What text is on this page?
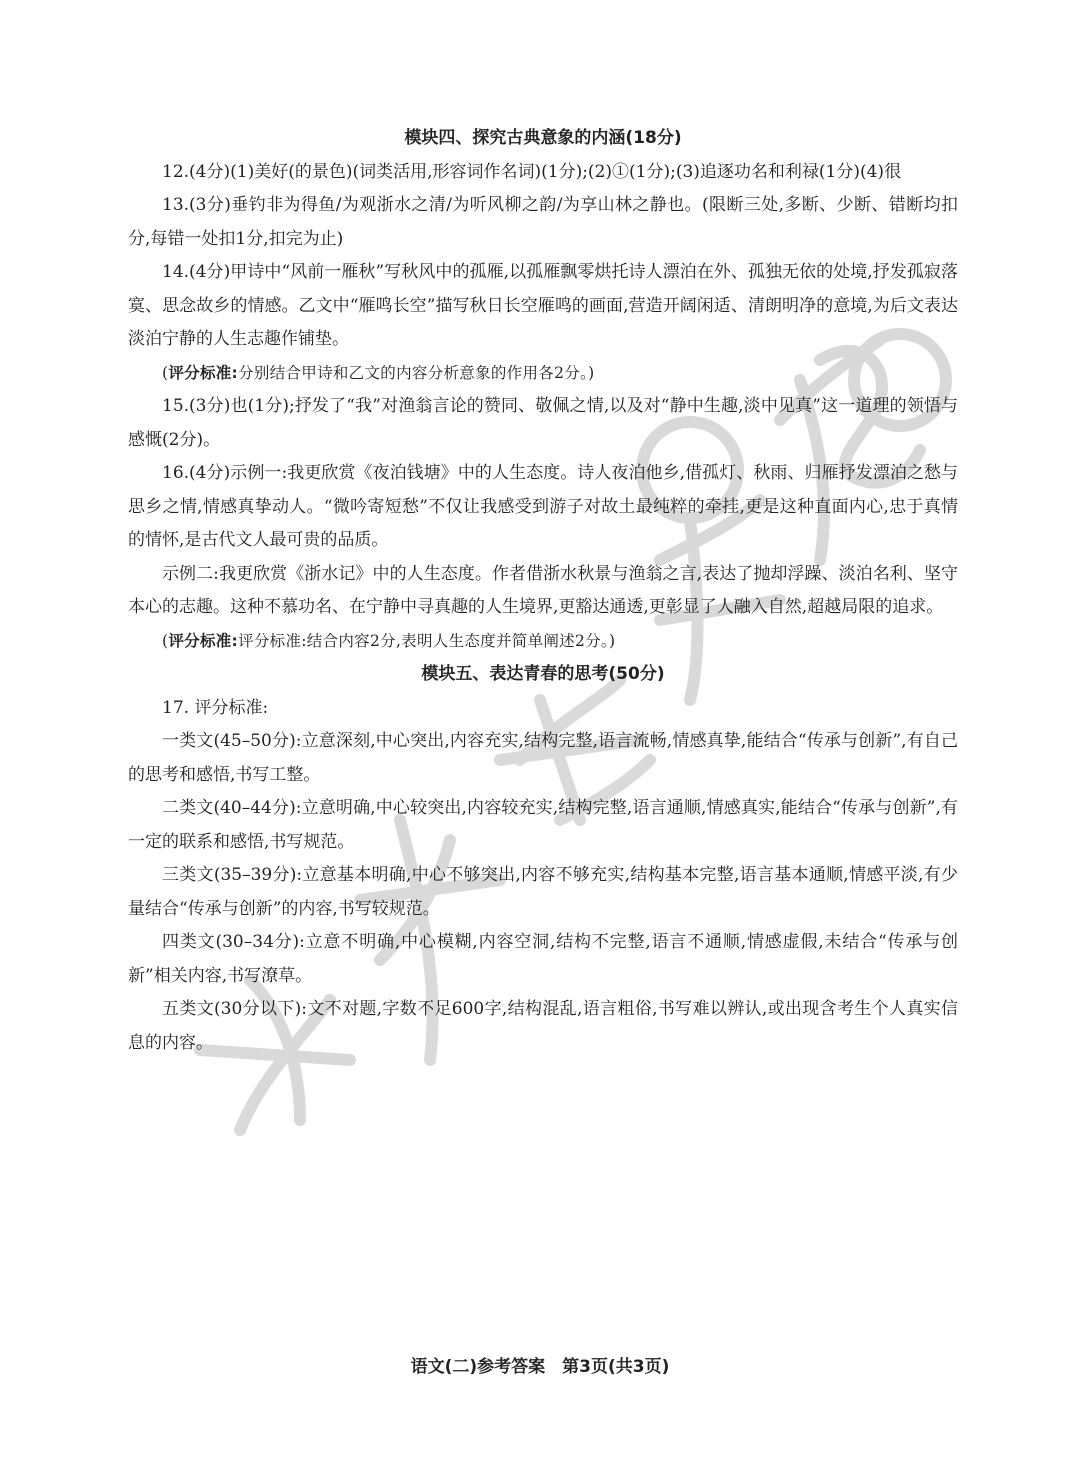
模块四、探究古典意象的内涵(18分)

12.(4分)(1)美好(的景色)(词类活用,形容词作名词)(1分);(2)①(1分);(3)追逐功名和利禄(1分)(4)很

13.(3分)垂钓非为得鱼/为观浙水之清/为听风柳之韵/为享山林之静也。(限断三处,多断、少断、错断均扣分,每错一处扣1分,扣完为止)

14.(4分)甲诗中“风前一雁秋”写秋风中的孤雁,以孤雁飘零烘托诗人漂泊在外、孤独无依的处境,抒发孤寂落寞、思念故乡的情感。乙文中“雁鸣长空”描写秋日长空雁鸣的画面,营造开阔闲适、清朗明净的意境,为后文表达淡泊宁静的人生志趣作铺垫。

(评分标准:分别结合甲诗和乙文的内容分析意象的作用各2分。)

15.(3分)也(1分);抒发了“我”对渔翁言论的赞同、敬佩之情,以及对“静中生趣,淡中见真”这一道理的领悟与感慨(2分)。

16.(4分)示例一:我更欣赏《夜泊钱塘》中的人生态度。诗人夜泊他乡,借孤灯、秋雨、归雁抒发漂泊之愁与思乡之情,情感真挚动人。“微吟寄短愁”不仅让我感受到游子对故土最纯粹的牵挂,更是这种直面内心,忠于真情的情怀,是古代文人最可贵的品质。

示例二:我更欣赏《浙水记》中的人生态度。作者借浙水秋景与渔翁之言,表达了抛却浮躁、淡泊名利、坚守本心的志趣。这种不慕功名、在宁静中寻真趣的人生境界,更豁达通透,更彰显了人融入自然,超越局限的追求。

(评分标准:评分标准:结合内容2分,表明人生态度并简单阐述2分。)

模块五、表达青春的思考(50分)

17. 评分标准:

一类文(45–50分):立意深刻,中心突出,内容充实,结构完整,语言流畅,情感真挚,能结合“传承与创新”,有自己的思考和感悟,书写工整。

二类文(40–44分):立意明确,中心较突出,内容较充实,结构完整,语言通顺,情感真实,能结合“传承与创新”,有一定的联系和感悟,书写规范。

三类文(35–39分):立意基本明确,中心不够突出,内容不够充实,结构基本完整,语言基本通顺,情感平淡,有少量结合“传承与创新”的内容,书写较规范。

四类文(30–34分):立意不明确,中心模糊,内容空洞,结构不完整,语言不通顺,情感虚假,未结合“传承与创新”相关内容,书写潦草。

五类文(30分以下):文不对题,字数不足600字,结构混乱,语言粗俗,书写难以辨认,或出现含考生个人真实信息的内容。

语文(二)参考答案　第3页(共3页)
